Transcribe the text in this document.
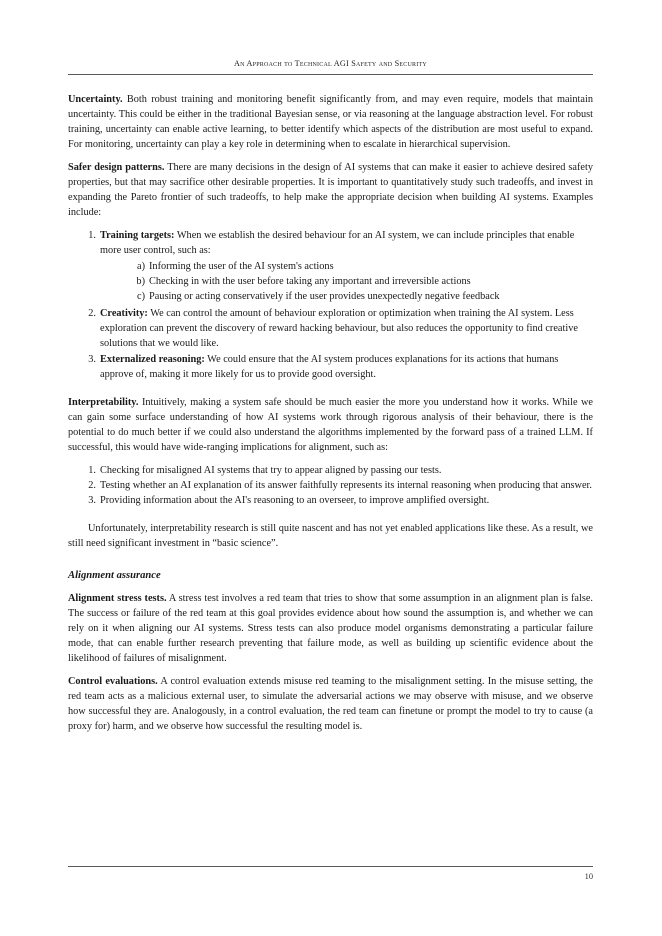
An Approach to Technical AGI Safety and Security

Uncertainty. Both robust training and monitoring benefit significantly from, and may even require, models that maintain uncertainty. This could be either in the traditional Bayesian sense, or via reasoning at the language abstraction level. For robust training, uncertainty can enable active learning, to better identify which aspects of the distribution are most useful to expand. For monitoring, uncertainty can play a key role in determining when to escalate in hierarchical supervision.

Safer design patterns. There are many decisions in the design of AI systems that can make it easier to achieve desired safety properties, but that may sacrifice other desirable properties. It is important to quantitatively study such tradeoffs, and invest in expanding the Pareto frontier of such tradeoffs, to help make the appropriate decision when building AI systems. Examples include:

1. Training targets: When we establish the desired behaviour for an AI system, we can include principles that enable more user control, such as:
a) Informing the user of the AI system's actions
b) Checking in with the user before taking any important and irreversible actions
c) Pausing or acting conservatively if the user provides unexpectedly negative feedback
2. Creativity: We can control the amount of behaviour exploration or optimization when training the AI system. Less exploration can prevent the discovery of reward hacking behaviour, but also reduces the opportunity to find creative solutions that we would like.
3. Externalized reasoning: We could ensure that the AI system produces explanations for its actions that humans approve of, making it more likely for us to provide good oversight.

Interpretability. Intuitively, making a system safe should be much easier the more you understand how it works. While we can gain some surface understanding of how AI systems work through rigorous analysis of their behaviour, there is the potential to do much better if we could also understand the algorithms implemented by the forward pass of a trained LLM. If successful, this would have wide-ranging implications for alignment, such as:

1. Checking for misaligned AI systems that try to appear aligned by passing our tests.
2. Testing whether an AI explanation of its answer faithfully represents its internal reasoning when producing that answer.
3. Providing information about the AI's reasoning to an overseer, to improve amplified oversight.

Unfortunately, interpretability research is still quite nascent and has not yet enabled applications like these. As a result, we still need significant investment in “basic science”.

Alignment assurance

Alignment stress tests. A stress test involves a red team that tries to show that some assumption in an alignment plan is false. The success or failure of the red team at this goal provides evidence about how sound the assumption is, and whether we can rely on it when aligning our AI systems. Stress tests can also produce model organisms demonstrating a particular failure mode, that can enable further research preventing that failure mode, as well as building up scientific evidence about the likelihood of failures of misalignment.

Control evaluations. A control evaluation extends misuse red teaming to the misalignment setting. In the misuse setting, the red team acts as a malicious external user, to simulate the adversarial actions we may observe with misuse, and we observe how successful they are. Analogously, in a control evaluation, the red team can finetune or prompt the model to try to cause (a proxy for) harm, and we observe how successful the resulting model is.

10
